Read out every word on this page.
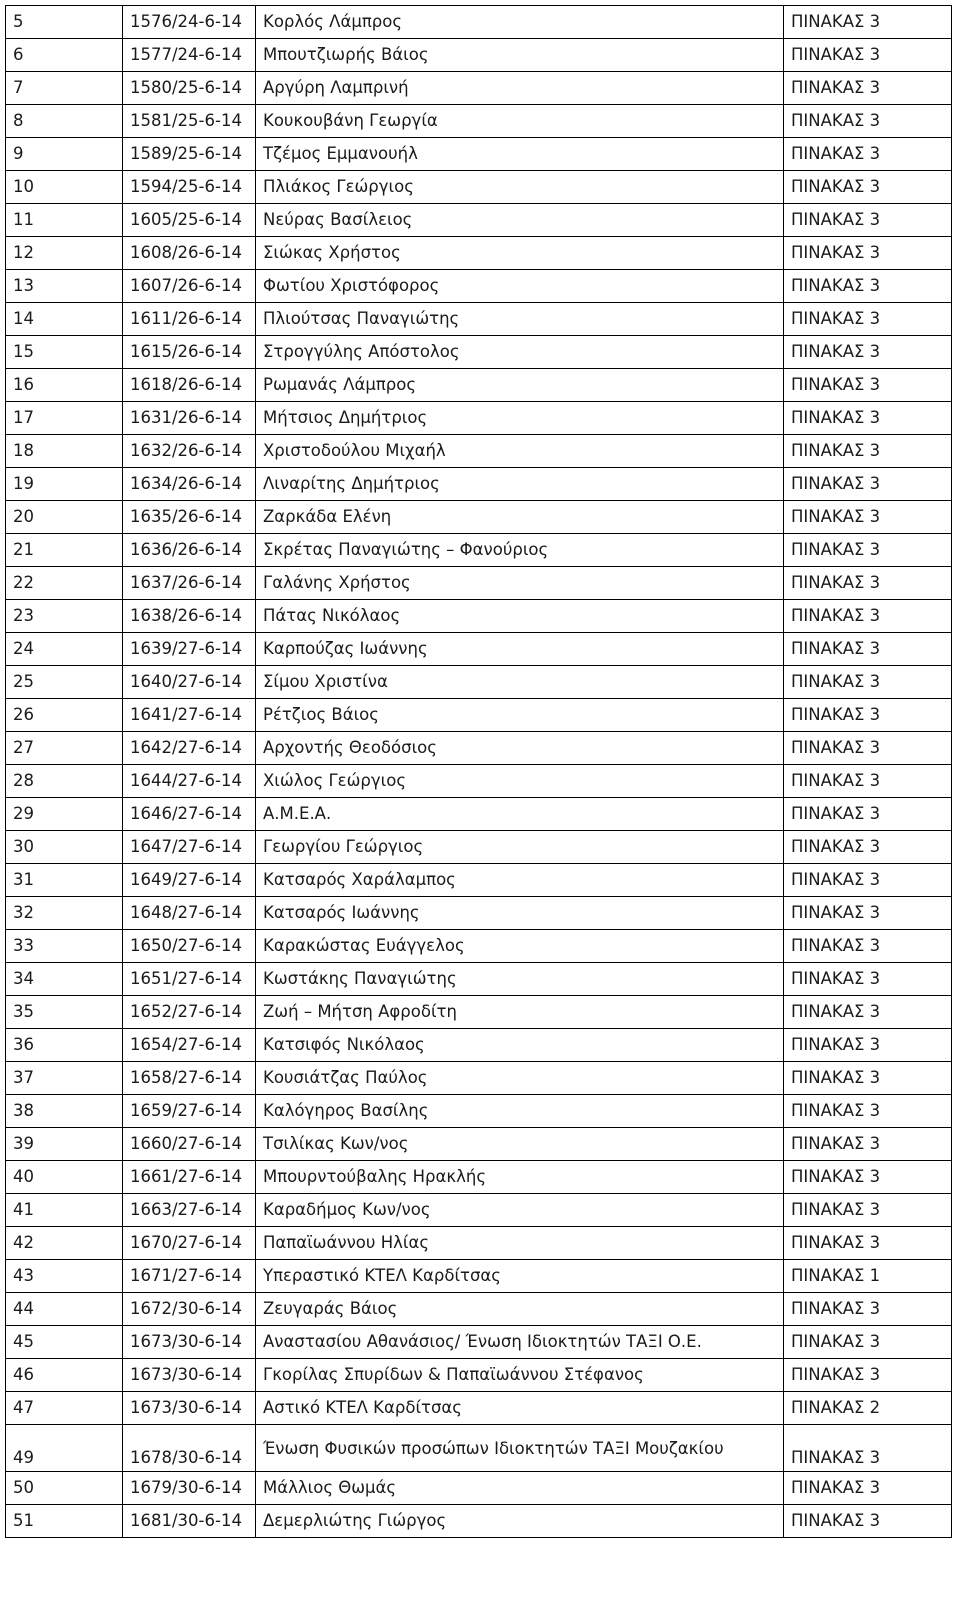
5	1576/24-6-14	Κορλός Λάμπρος	ΠΙΝΑΚΑΣ 3
6	1577/24-6-14	Μπουτζιωρής Βάιος	ΠΙΝΑΚΑΣ 3
7	1580/25-6-14	Αργύρη Λαμπρινή	ΠΙΝΑΚΑΣ 3
8	1581/25-6-14	Κουκουβάνη Γεωργία	ΠΙΝΑΚΑΣ 3
9	1589/25-6-14	Τζέμος Εμμανουήλ	ΠΙΝΑΚΑΣ 3
10	1594/25-6-14	Πλιάκος Γεώργιος	ΠΙΝΑΚΑΣ 3
11	1605/25-6-14	Νεύρας Βασίλειος	ΠΙΝΑΚΑΣ 3
12	1608/26-6-14	Σιώκας Χρήστος	ΠΙΝΑΚΑΣ 3
13	1607/26-6-14	Φωτίου Χριστόφορος	ΠΙΝΑΚΑΣ 3
14	1611/26-6-14	Πλιούτσας Παναγιώτης	ΠΙΝΑΚΑΣ 3
15	1615/26-6-14	Στρογγύλης Απόστολος	ΠΙΝΑΚΑΣ 3
16	1618/26-6-14	Ρωμανάς Λάμπρος	ΠΙΝΑΚΑΣ 3
17	1631/26-6-14	Μήτσιος Δημήτριος	ΠΙΝΑΚΑΣ 3
18	1632/26-6-14	Χριστοδούλου Μιχαήλ	ΠΙΝΑΚΑΣ 3
19	1634/26-6-14	Λιναρίτης Δημήτριος	ΠΙΝΑΚΑΣ 3
20	1635/26-6-14	Ζαρκάδα Ελένη	ΠΙΝΑΚΑΣ 3
21	1636/26-6-14	Σκρέτας Παναγιώτης – Φανούριος	ΠΙΝΑΚΑΣ 3
22	1637/26-6-14	Γαλάνης Χρήστος	ΠΙΝΑΚΑΣ 3
23	1638/26-6-14	Πάτας Νικόλαος	ΠΙΝΑΚΑΣ 3
24	1639/27-6-14	Καρπούζας Ιωάννης	ΠΙΝΑΚΑΣ 3
25	1640/27-6-14	Σίμου Χριστίνα	ΠΙΝΑΚΑΣ 3
26	1641/27-6-14	Ρέτζιος Βάιος	ΠΙΝΑΚΑΣ 3
27	1642/27-6-14	Αρχοντής Θεοδόσιος	ΠΙΝΑΚΑΣ 3
28	1644/27-6-14	Χιώλος Γεώργιος	ΠΙΝΑΚΑΣ 3
29	1646/27-6-14	Α.Μ.Ε.Α.	ΠΙΝΑΚΑΣ 3
30	1647/27-6-14	Γεωργίου Γεώργιος	ΠΙΝΑΚΑΣ 3
31	1649/27-6-14	Κατσαρός Χαράλαμπος	ΠΙΝΑΚΑΣ 3
32	1648/27-6-14	Κατσαρός Ιωάννης	ΠΙΝΑΚΑΣ 3
33	1650/27-6-14	Καρακώστας Ευάγγελος	ΠΙΝΑΚΑΣ 3
34	1651/27-6-14	Κωστάκης Παναγιώτης	ΠΙΝΑΚΑΣ 3
35	1652/27-6-14	Ζωή – Μήτση Αφροδίτη	ΠΙΝΑΚΑΣ 3
36	1654/27-6-14	Κατσιφός Νικόλαος	ΠΙΝΑΚΑΣ 3
37	1658/27-6-14	Κουσιάτζας Παύλος	ΠΙΝΑΚΑΣ 3
38	1659/27-6-14	Καλόγηρος Βασίλης	ΠΙΝΑΚΑΣ 3
39	1660/27-6-14	Τσιλίκας Κων/νος	ΠΙΝΑΚΑΣ 3
40	1661/27-6-14	Μπουρντούβαλης Ηρακλής	ΠΙΝΑΚΑΣ 3
41	1663/27-6-14	Καραδήμος Κων/νος	ΠΙΝΑΚΑΣ 3
42	1670/27-6-14	Παπαϊωάννου Ηλίας	ΠΙΝΑΚΑΣ 3
43	1671/27-6-14	Υπεραστικό ΚΤΕΛ Καρδίτσας	ΠΙΝΑΚΑΣ 1
44	1672/30-6-14	Ζευγαράς Βάιος	ΠΙΝΑΚΑΣ 3
45	1673/30-6-14	Αναστασίου Αθανάσιος/ Ένωση Ιδιοκτητών ΤΑΞΙ Ο.Ε.	ΠΙΝΑΚΑΣ 3
46	1673/30-6-14	Γκορίλας Σπυρίδων & Παπαϊωάννου Στέφανος	ΠΙΝΑΚΑΣ 3
47	1673/30-6-14	Αστικό ΚΤΕΛ Καρδίτσας	ΠΙΝΑΚΑΣ 2
49	1678/30-6-14	Ένωση Φυσικών προσώπων Ιδιοκτητών ΤΑΞΙ Μουζακίου	ΠΙΝΑΚΑΣ 3
50	1679/30-6-14	Μάλλιος Θωμάς	ΠΙΝΑΚΑΣ 3
51	1681/30-6-14	Δεμερλιώτης Γιώργος	ΠΙΝΑΚΑΣ 3
